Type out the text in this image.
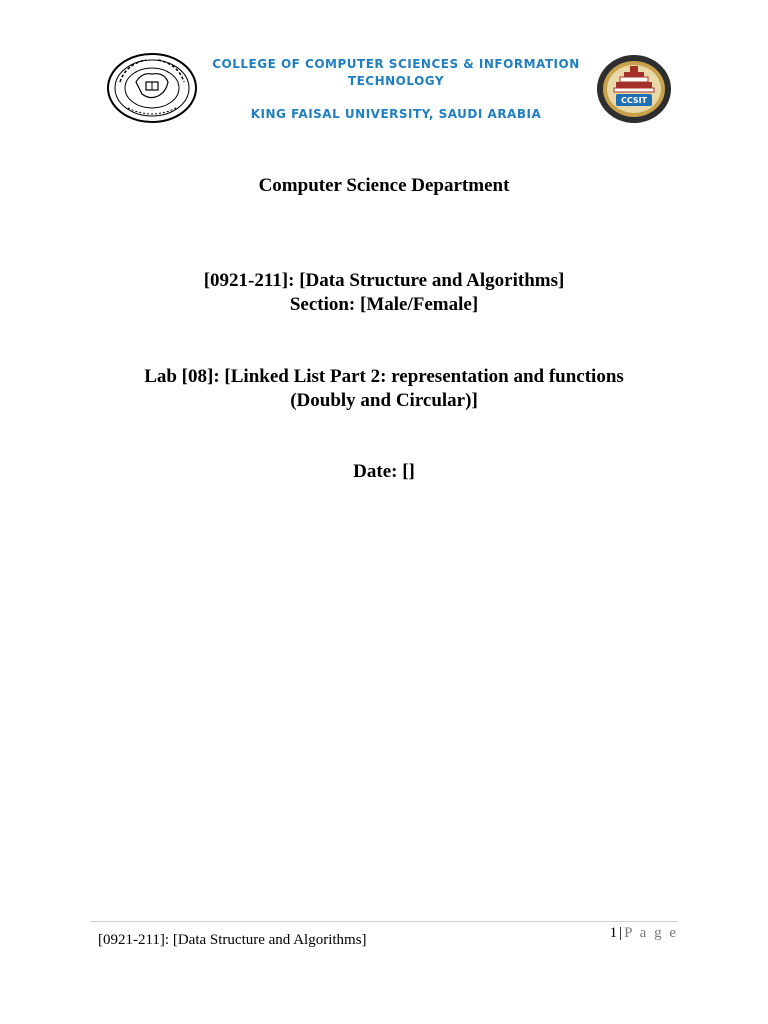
COLLEGE OF COMPUTER SCIENCES & INFORMATION
TECHNOLOGY
KING FAISAL UNIVERSITY, SAUDI ARABIA
CCSIT
Computer Science Department
[0921-211]: [Data Structure and Algorithms]
Section: [Male/Female]
Lab [08]: [Linked List Part 2: representation and functions
(Doubly and Circular)]
Date: []
[0921-211]: [Data Structure and Algorithms]	1 | P a g e
